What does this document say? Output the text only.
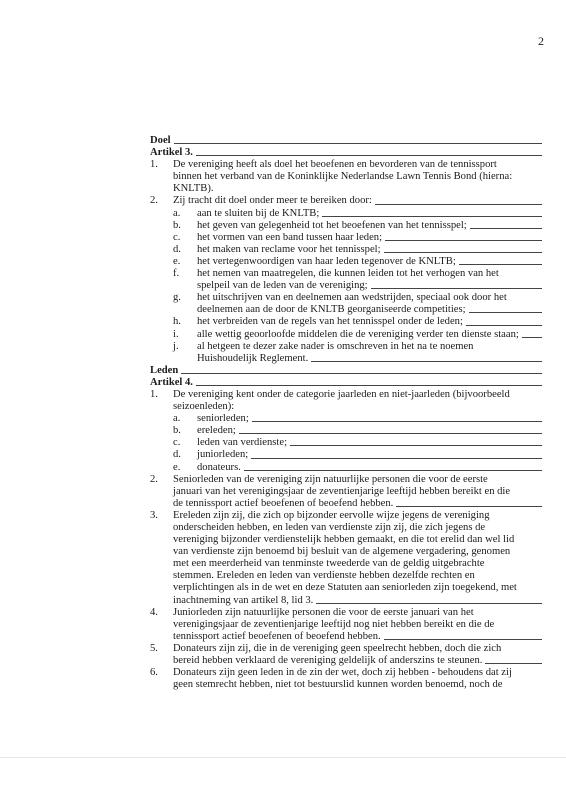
2
Doel
Artikel 3.
1.	De vereniging heeft als doel het beoefenen en bevorderen van de tennissport
binnen het verband van de Koninklijke Nederlandse Lawn Tennis Bond (hierna:
KNLTB).
2.	Zij tracht dit doel onder meer te bereiken door:
a.	aan te sluiten bij de KNLTB;
b.	het geven van gelegenheid tot het beoefenen van het tennisspel;
c.	het vormen van een band tussen haar leden;
d.	het maken van reclame voor het tennisspel;
e.	het vertegenwoordigen van haar leden tegenover de KNLTB;
f.	het nemen van maatregelen, die kunnen leiden tot het verhogen van het
spelpeil van de leden van de vereniging;
g.	het uitschrijven van en deelnemen aan wedstrijden, speciaal ook door het
deelnemen aan de door de KNLTB georganiseerde competities;
h.	het verbreiden van de regels van het tennisspel onder de leden;
i.	alle wettig geoorloofde middelen die de vereniging verder ten dienste staan;
j.	al hetgeen te dezer zake nader is omschreven in het na te noemen
Huishoudelijk Reglement.
Leden
Artikel 4.
1.	De vereniging kent onder de categorie jaarleden en niet-jaarleden (bijvoorbeeld
seizoenleden):
a.	seniorleden;
b.	ereleden;
c.	leden van verdienste;
d.	juniorleden;
e.	donateurs.
2.	Seniorleden van de vereniging zijn natuurlijke personen die voor de eerste
januari van het verenigingsjaar de zeventienjarige leeftijd hebben bereikt en die
de tennissport actief beoefenen of beoefend hebben.
3.	Ereleden zijn zij, die zich op bijzonder eervolle wijze jegens de vereniging
onderscheiden hebben, en leden van verdienste zijn zij, die zich jegens de
vereniging bijzonder verdienstelijk hebben gemaakt, en die tot erelid dan wel lid
van verdienste zijn benoemd bij besluit van de algemene vergadering, genomen
met een meerderheid van tenminste tweederde van de geldig uitgebrachte
stemmen. Ereleden en leden van verdienste hebben dezelfde rechten en
verplichtingen als in de wet en deze Statuten aan seniorleden zijn toegekend, met
inachtneming van artikel 8, lid 3.
4.	Juniorleden zijn natuurlijke personen die voor de eerste januari van het
verenigingsjaar de zeventienjarige leeftijd nog niet hebben bereikt en die de
tennissport actief beoefenen of beoefend hebben.
5.	Donateurs zijn zij, die in de vereniging geen speelrecht hebben, doch die zich
bereid hebben verklaard de vereniging geldelijk of anderszins te steunen.
6.	Donateurs zijn geen leden in de zin der wet, doch zij hebben - behoudens dat zij
geen stemrecht hebben, niet tot bestuurslid kunnen worden benoemd, noch de
